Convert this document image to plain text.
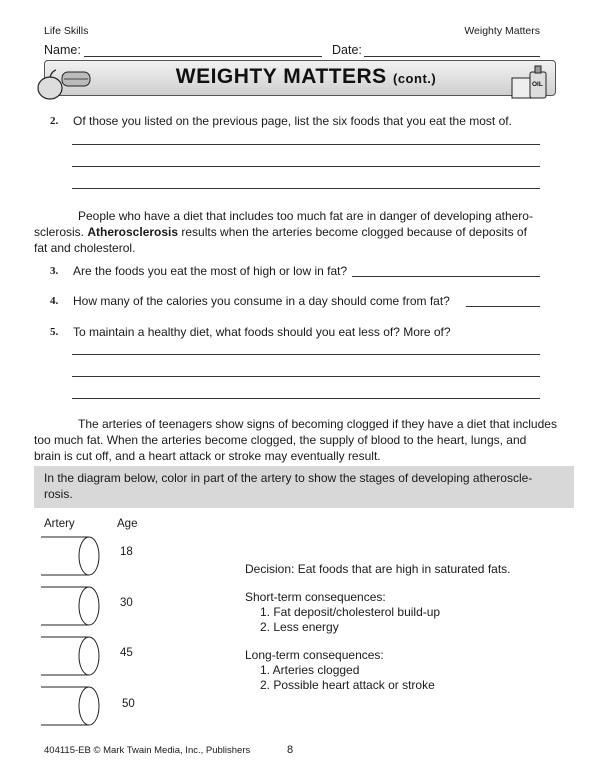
Life Skills	Weighty Matters
Name:	Date:
OIL
WEIGHTY MATTERS (cont.)
2. Of those you listed on the previous page, list the six foods that you eat the most of.
People who have a diet that includes too much fat are in danger of developing athero-
sclerosis. Atherosclerosis results when the arteries become clogged because of deposits of
fat and cholesterol.
3. Are the foods you eat the most of high or low in fat?
4. How many of the calories you consume in a day should come from fat?
5. To maintain a healthy diet, what foods should you eat less of? More of?
The arteries of teenagers show signs of becoming clogged if they have a diet that includes
too much fat. When the arteries become clogged, the supply of blood to the heart, lungs, and
brain is cut off, and a heart attack or stroke may eventually result.
In the diagram below, color in part of the artery to show the stages of developing atheroscle-
rosis.
Artery	Age
18
30
45
50
Decision: Eat foods that are high in saturated fats.
Short-term consequences:
1. Fat deposit/cholesterol build-up
2. Less energy
Long-term consequences:
1. Arteries clogged
2. Possible heart attack or stroke
404115-EB © Mark Twain Media, Inc., Publishers	8
